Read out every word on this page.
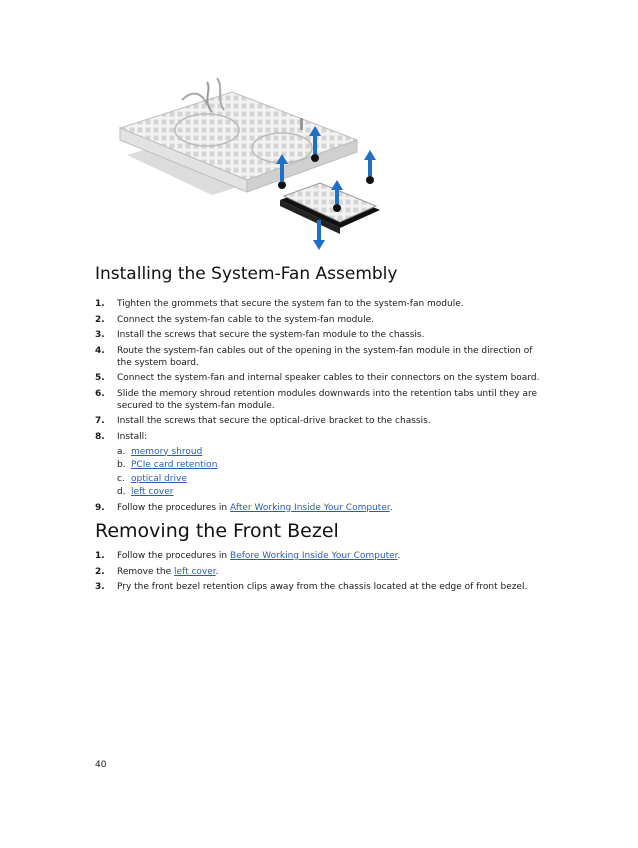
Installing the System-Fan Assembly
1. Tighten the grommets that secure the system fan to the system-fan module.
2. Connect the system-fan cable to the system-fan module.
3. Install the screws that secure the system-fan module to the chassis.
4. Route the system-fan cables out of the opening in the system-fan module in the direction of the system board.
5. Connect the system-fan and internal speaker cables to their connectors on the system board.
6. Slide the memory shroud retention modules downwards into the retention tabs until they are secured to the system-fan module.
7. Install the screws that secure the optical-drive bracket to the chassis.
8. Install:
a. memory shroud
b. PCIe card retention
c. optical drive
d. left cover
9. Follow the procedures in After Working Inside Your Computer.
Removing the Front Bezel
1. Follow the procedures in Before Working Inside Your Computer.
2. Remove the left cover.
3. Pry the front bezel retention clips away from the chassis located at the edge of front bezel.
40
